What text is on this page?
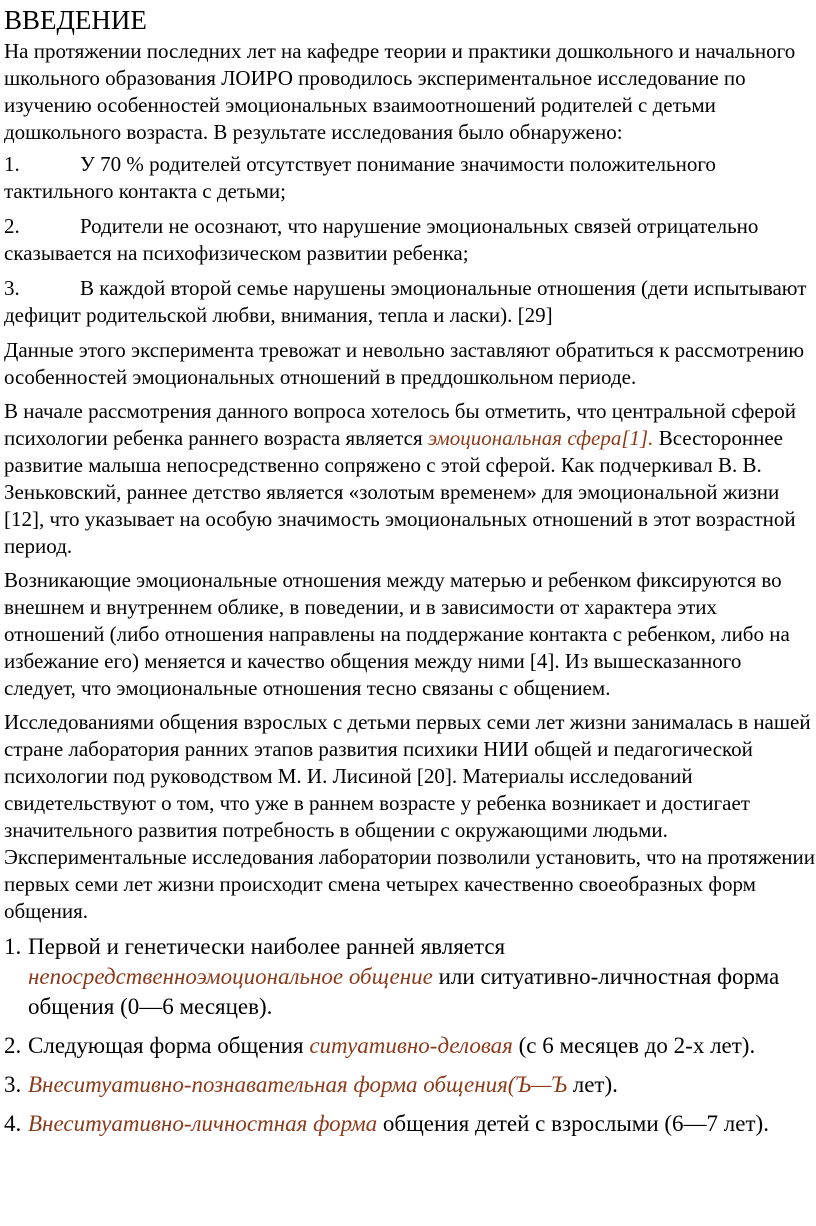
ВВЕДЕНИЕ

На протяжении последних лет на кафедре теории и практики дошкольного и начального школьного образования ЛОИРО проводилось экспериментальное исследование по изучению особенностей эмоциональных взаимоотношений родителей с детьми дошкольного возраста. В результате исследования было обнаружено:

1.	У 70 % родителей отсутствует понимание значимости положительного тактильного контакта с детьми;

2.	Родители не осознают, что нарушение эмоциональных связей отрицательно сказывается на психофизическом развитии ребенка;

3.	В каждой второй семье нарушены эмоциональные отношения (дети испытывают дефицит родительской любви, внимания, тепла и ласки). [29]

Данные этого эксперимента тревожат и невольно заставляют обратиться к рассмотрению особенностей эмоциональных отношений в преддошкольном периоде.

В начале рассмотрения данного вопроса хотелось бы отметить, что центральной сферой психологии ребенка раннего возраста является эмоциональная сфера[1]. Всестороннее развитие малыша непосредственно сопряжено с этой сферой. Как подчеркивал В. В. Зеньковский, раннее детство является «золотым временем» для эмоциональной жизни [12], что указывает на особую значимость эмоциональных отношений в этот возрастной период.

Возникающие эмоциональные отношения между матерью и ребенком фиксируются во внешнем и внутреннем облике, в поведении, и в зависимости от характера этих отношений (либо отношения направлены на поддержание контакта с ребенком, либо на избежание его) меняется и качество общения между ними [4]. Из вышесказанного следует, что эмоциональные отношения тесно связаны с общением.

Исследованиями общения взрослых с детьми первых семи лет жизни занималась в нашей стране лаборатория ранних этапов развития психики НИИ общей и педагогической психологии под руководством М. И. Лисиной [20]. Материалы исследований свидетельствуют о том, что уже в раннем возрасте у ребенка возникает и достигает значительного развития потребность в общении с окружающими людьми. Экспериментальные исследования лаборатории позволили установить, что на протяжении первых семи лет жизни происходит смена четырех качественно своеобразных форм общения.

1. Первой и генетически наиболее ранней является непосредственноэмоциональное общение или ситуативно-личностная форма общения (0—6 месяцев).
2. Следующая форма общения ситуативно-деловая (с 6 месяцев до 2-х лет).
3. Внеситуативно-познавательная форма общения(Ъ—Ъ лет).
4. Внеситуативно-личностная форма общения детей с взрослыми (6—7 лет).
